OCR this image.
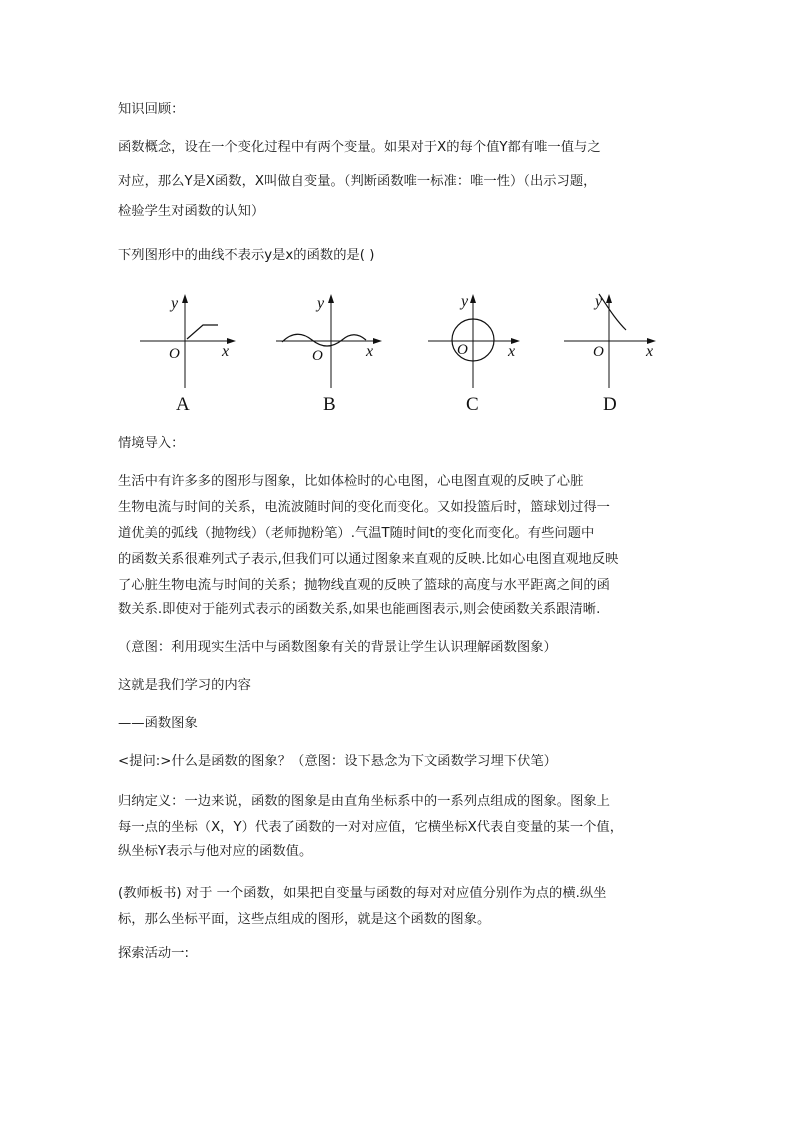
知识回顾：
函数概念，设在一个变化过程中有两个变量。如果对于X的每个值Y都有唯一值与之
对应，那么Y是X函数，X叫做自变量。（判断函数唯一标准：唯一性）（出示习题，
检验学生对函数的认知）
下列图形中的曲线不表示y是x的函数的是( )
y
x
O
A
y
x
O
B
y
x
O
C
y
x
O
D
情境导入：
生活中有许多多的图形与图象，比如体检时的心电图，心电图直观的反映了心脏
生物电流与时间的关系，电流波随时间的变化而变化。又如投篮后时，篮球划过得一
道优美的弧线（抛物线）（老师抛粉笔）.气温T随时间t的变化而变化。有些问题中
的函数关系很难列式子表示,但我们可以通过图象来直观的反映.比如心电图直观地反映
了心脏生物电流与时间的关系；抛物线直观的反映了篮球的高度与水平距离之间的函
数关系.即使对于能列式表示的函数关系,如果也能画图表示,则会使函数关系跟清晰.
（意图：利用现实生活中与函数图象有关的背景让学生认识理解函数图象）
这就是我们学习的内容
——函数图象
<提问:>什么是函数的图象？（意图：设下悬念为下文函数学习埋下伏笔）
归纳定义：一边来说，函数的图象是由直角坐标系中的一系列点组成的图象。图象上
每一点的坐标（X，Y）代表了函数的一对对应值，它横坐标X代表自变量的某一个值，
纵坐标Y表示与他对应的函数值。
(教师板书) 对于 一个函数，如果把自变量与函数的每对对应值分别作为点的横.纵坐
标，那么坐标平面，这些点组成的图形，就是这个函数的图象。
探索活动一:
